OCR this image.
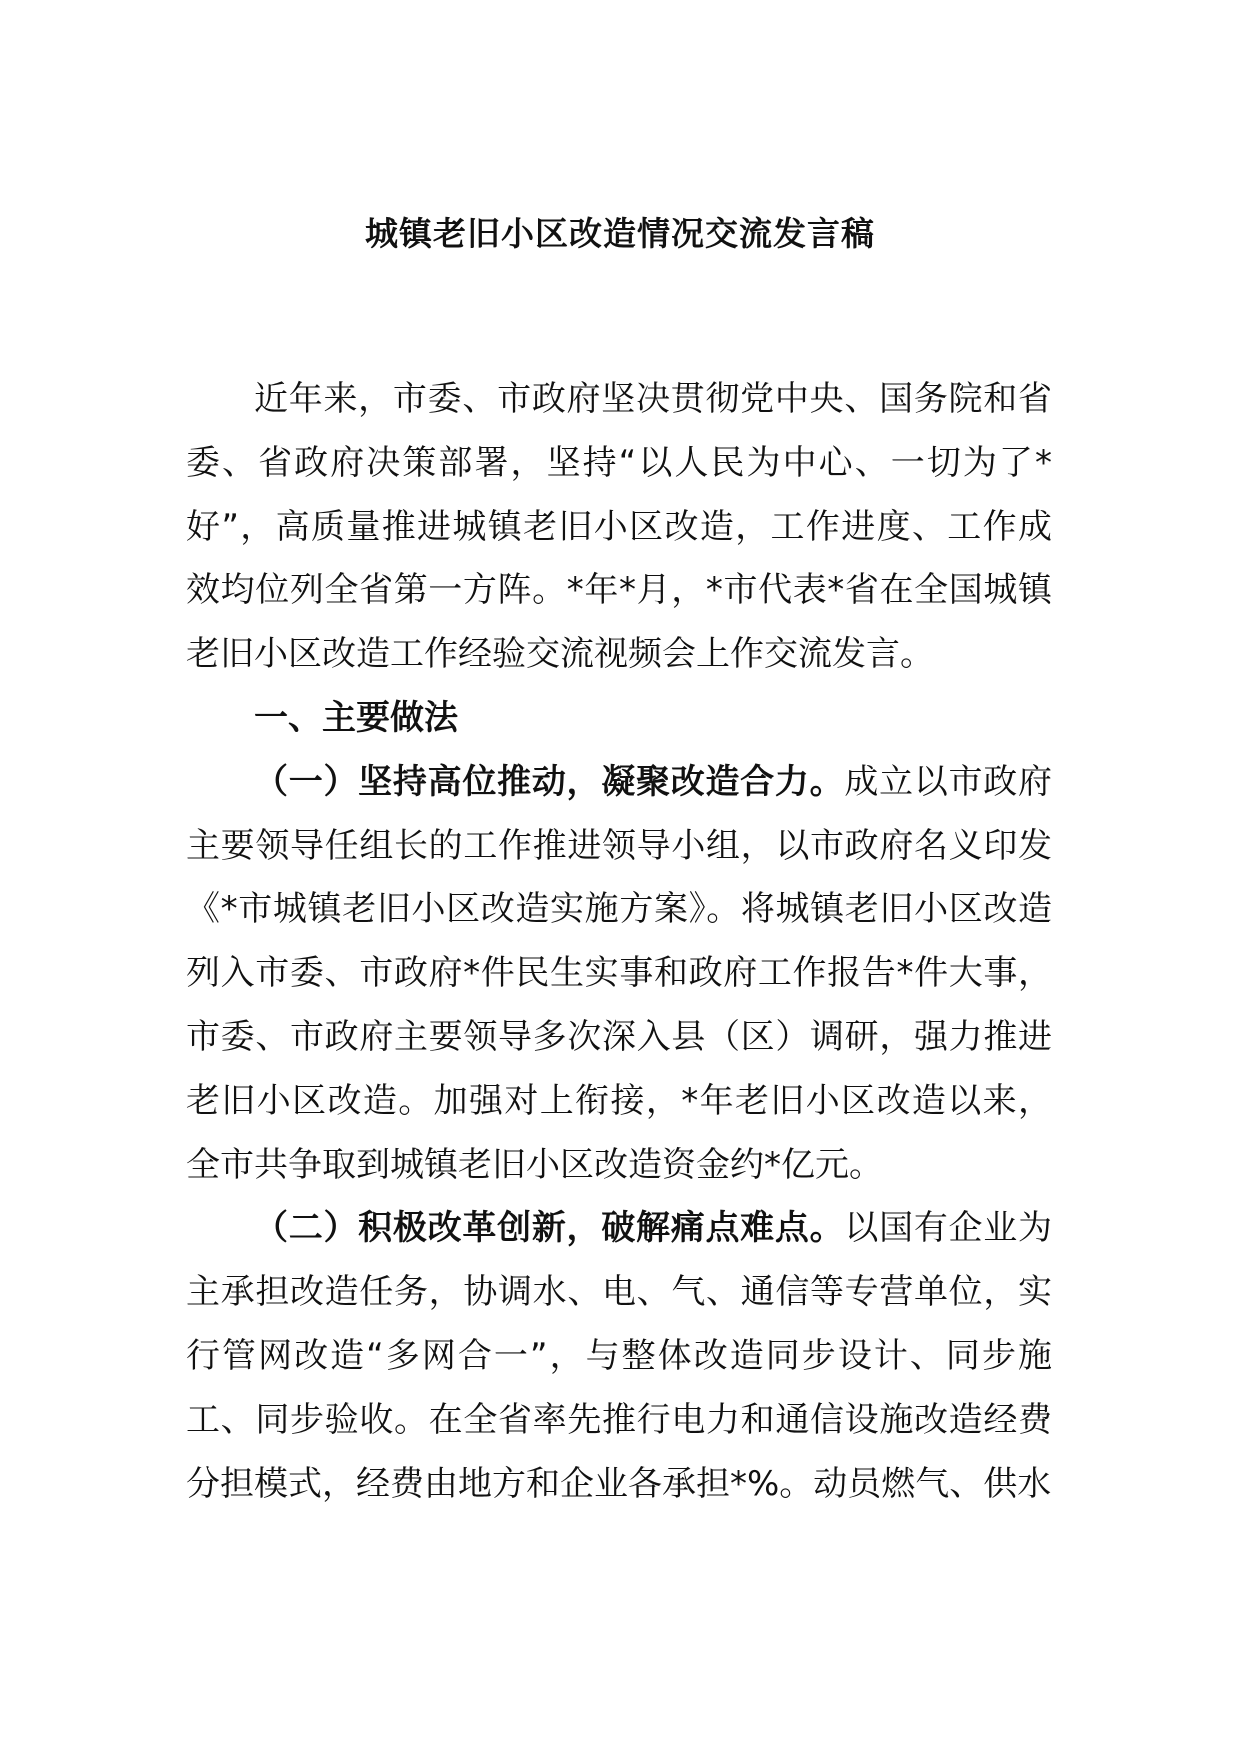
城镇老旧小区改造情况交流发言稿

近年来，市委、市政府坚决贯彻党中央、国务院和省委、省政府决策部署，坚持“以人民为中心、一切为了*好”，高质量推进城镇老旧小区改造，工作进度、工作成效均位列全省第一方阵。*年*月，*市代表*省在全国城镇老旧小区改造工作经验交流视频会上作交流发言。

一、主要做法

（一）坚持高位推动，凝聚改造合力。成立以市政府主要领导任组长的工作推进领导小组，以市政府名义印发《*市城镇老旧小区改造实施方案》。将城镇老旧小区改造列入市委、市政府*件民生实事和政府工作报告*件大事，市委、市政府主要领导多次深入县（区）调研，强力推进老旧小区改造。加强对上衔接，*年老旧小区改造以来，全市共争取到城镇老旧小区改造资金约*亿元。

（二）积极改革创新，破解痛点难点。以国有企业为主承担改造任务，协调水、电、气、通信等专营单位，实行管网改造“多网合一”，与整体改造同步设计、同步施工、同步验收。在全省率先推行电力和通信设施改造经费分担模式，经费由地方和企业各承担*%。动员燃气、供水
